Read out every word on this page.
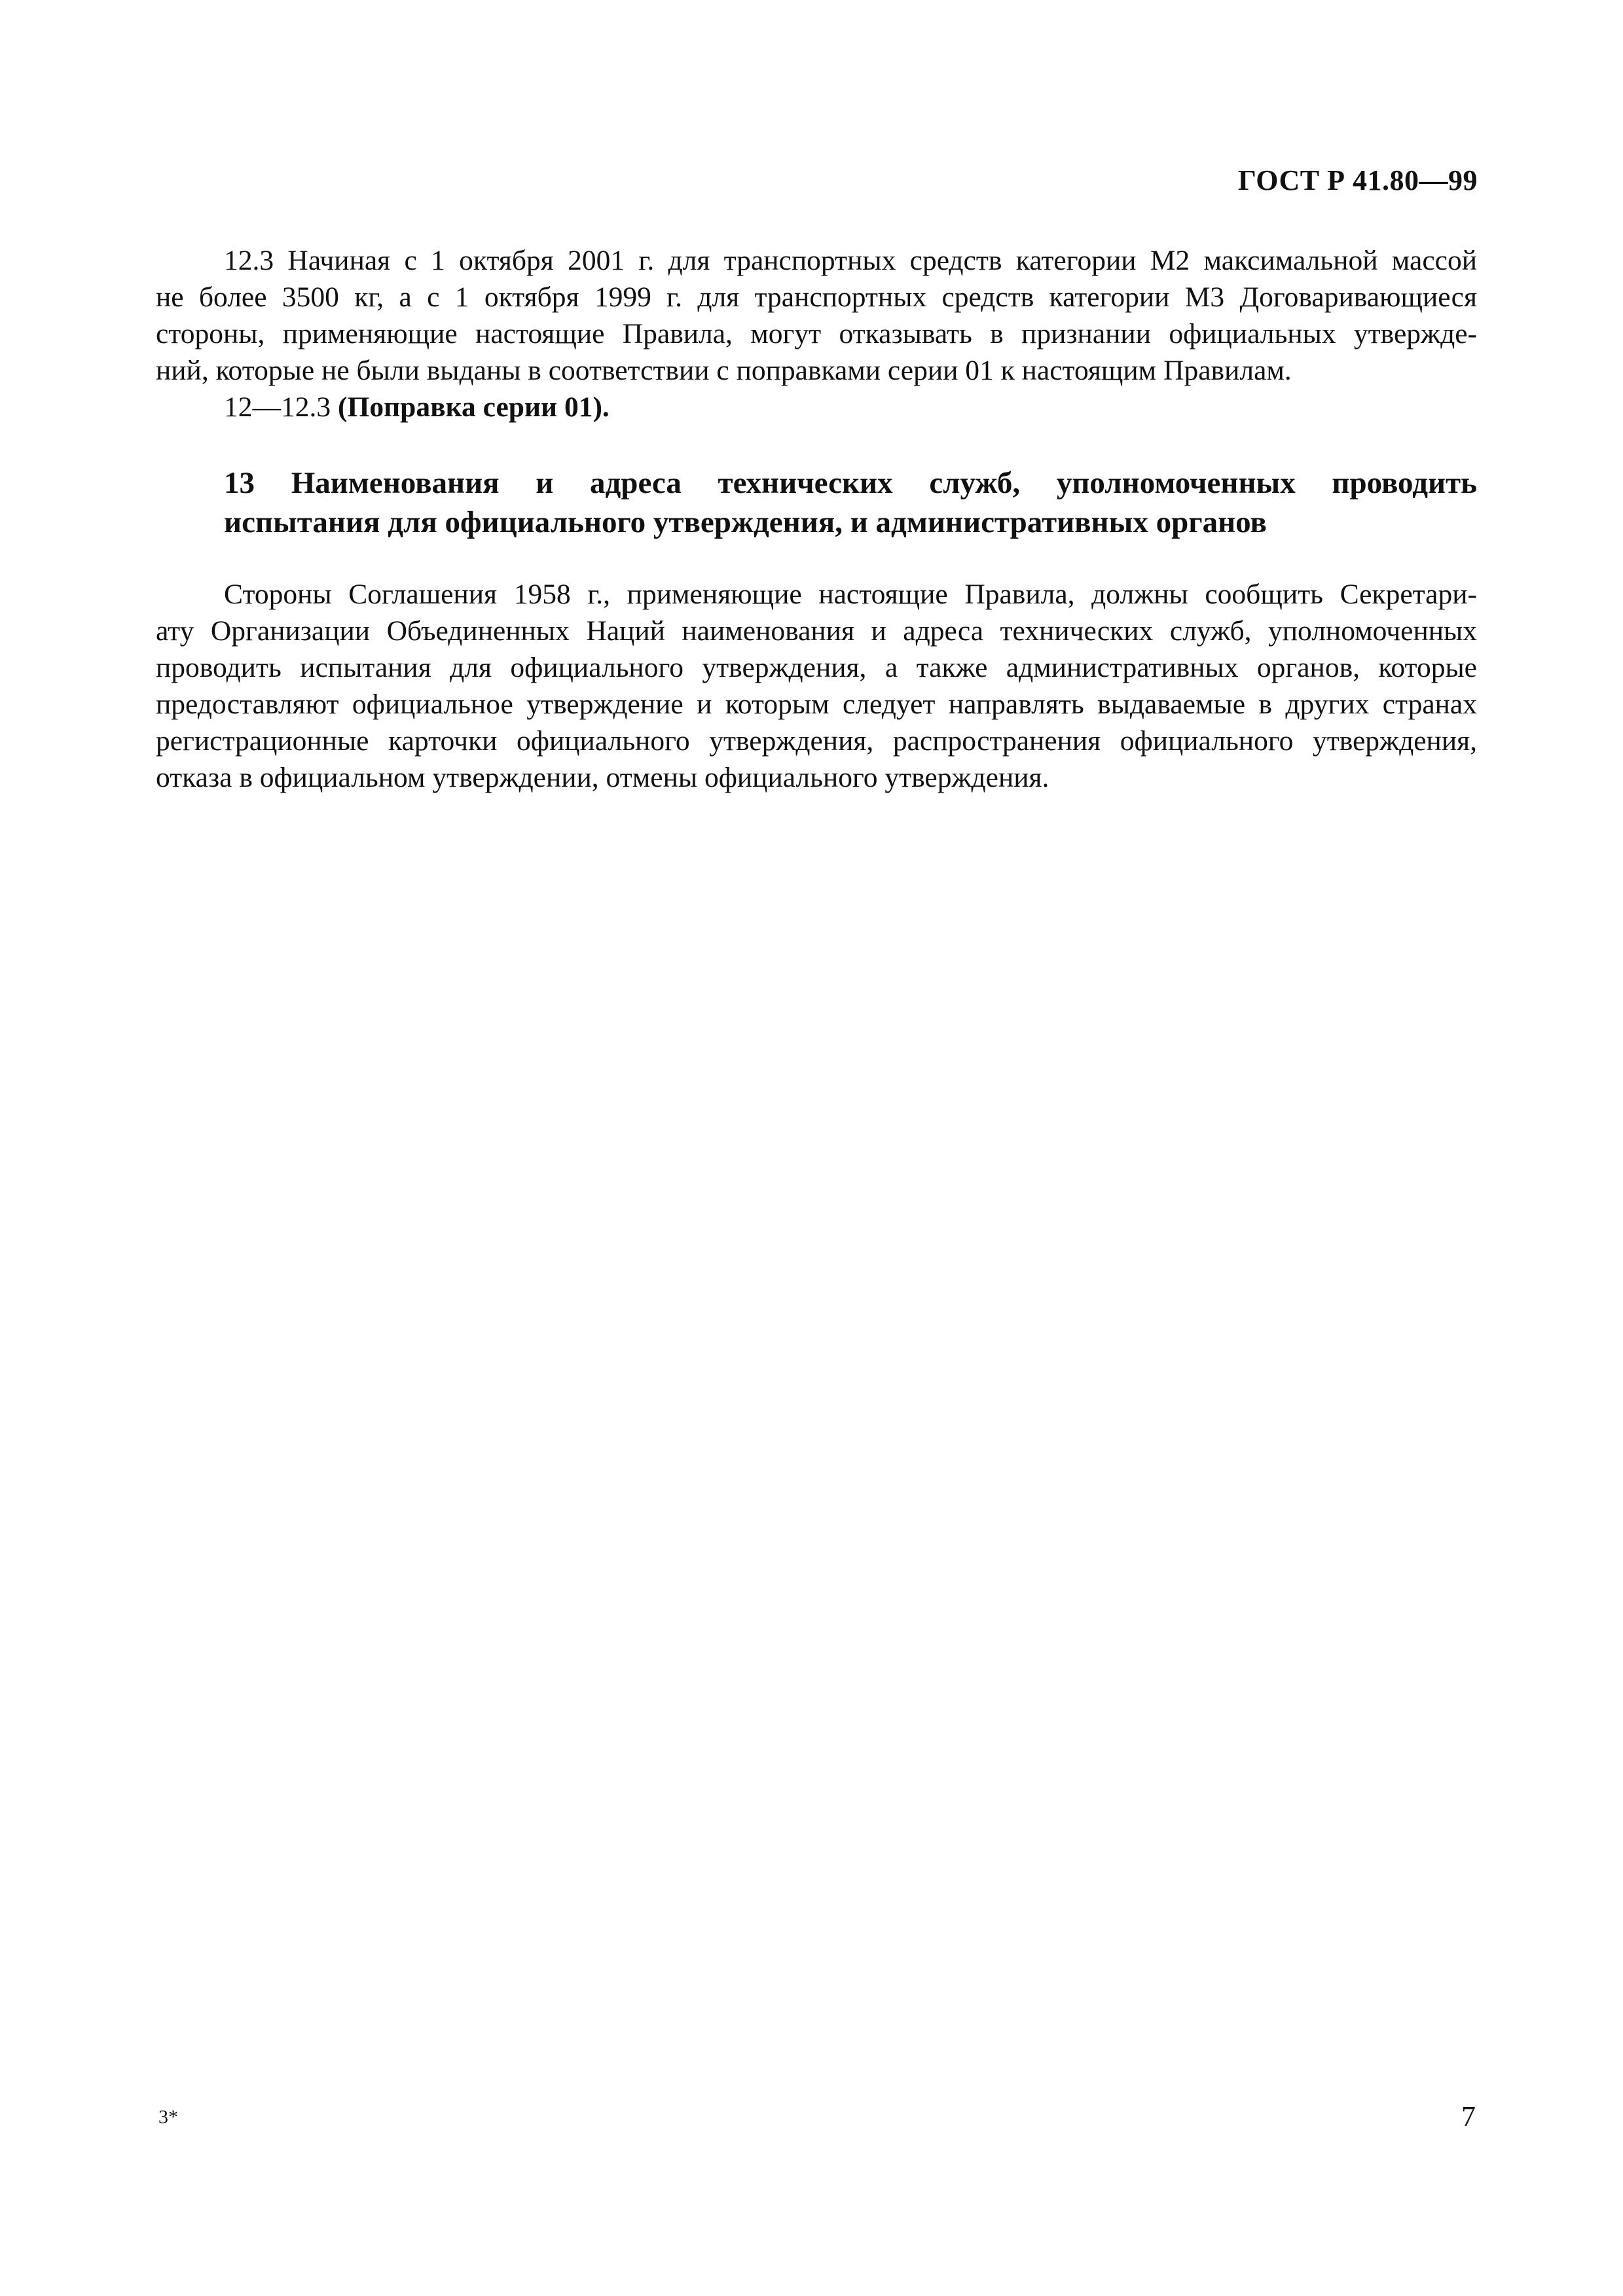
ГОСТ Р 41.80—99

12.3 Начиная с 1 октября 2001 г. для транспортных средств категории М2 максимальной массой
не более 3500 кг, а с 1 октября 1999 г. для транспортных средств категории М3 Договаривающиеся
стороны, применяющие настоящие Правила, могут отказывать в признании официальных утвержде-
ний, которые не были выданы в соответствии с поправками серии 01 к настоящим Правилам.

12—12.3 (Поправка серии 01).

13 Наименования и адреса технических служб, уполномоченных проводить
испытания для официального утверждения, и административных органов

Стороны Соглашения 1958 г., применяющие настоящие Правила, должны сообщить Секретари-
ату Организации Объединенных Наций наименования и адреса технических служб, уполномоченных
проводить испытания для официального утверждения, а также административных органов, которые
предоставляют официальное утверждение и которым следует направлять выдаваемые в других странах
регистрационные карточки официального утверждения, распространения официального утверждения,
отказа в официальном утверждении, отмены официального утверждения.

3*	7
